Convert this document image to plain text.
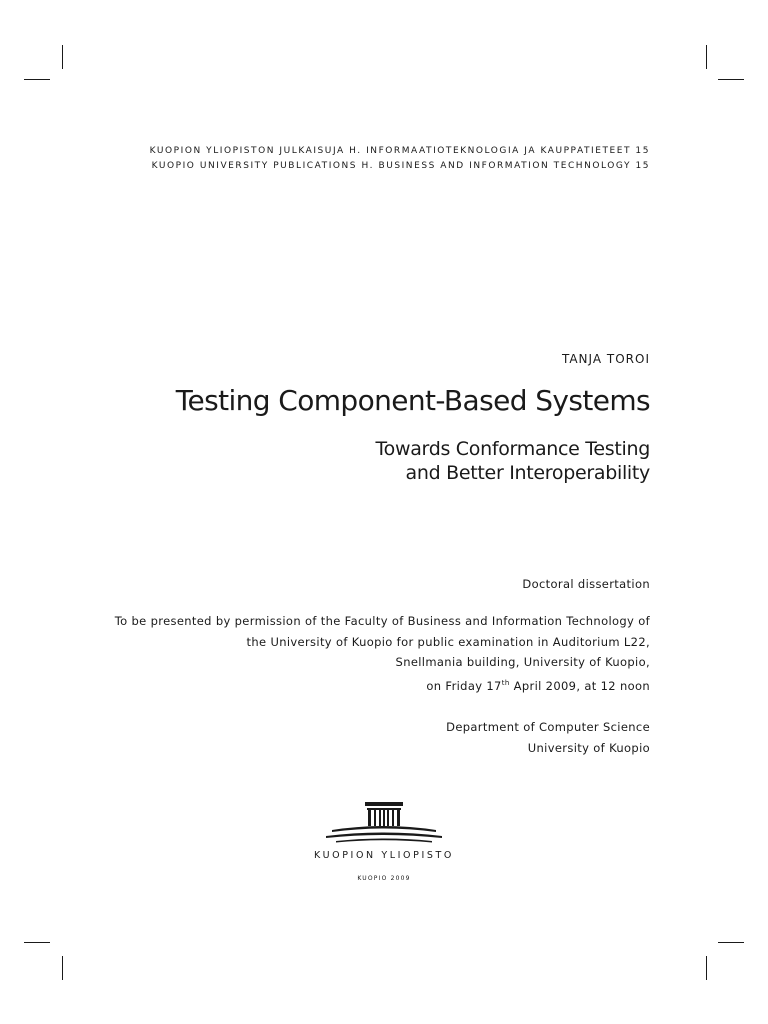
KUOPION YLIOPISTON JULKAISUJA H. INFORMAATIOTEKNOLOGIA JA KAUPPATIETEET 15
KUOPIO UNIVERSITY PUBLICATIONS H. BUSINESS AND INFORMATION TECHNOLOGY 15
TANJA TOROI
Testing Component-Based Systems
Towards Conformance Testing
and Better Interoperability
Doctoral dissertation
To be presented by permission of the Faculty of Business and Information Technology of
the University of Kuopio for public examination in Auditorium L22,
Snellmania building, University of Kuopio,
on Friday 17th April 2009, at 12 noon
Department of Computer Science
University of Kuopio
KUOPION YLIOPISTO
KUOPIO 2009
